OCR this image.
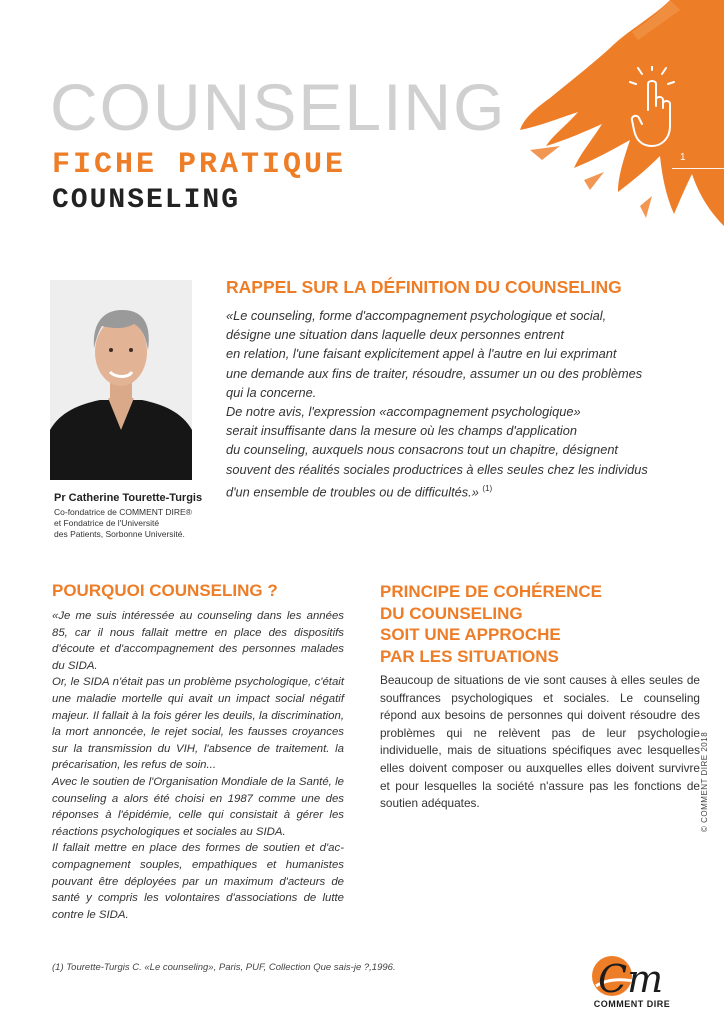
1
COUNSELING
FICHE PRATIQUE
COUNSELING
Pr Catherine Tourette-Turgis
Co-fondatrice de COMMENT DIRE®
et Fondatrice de l'Université
des Patients, Sorbonne Université.
RAPPEL SUR LA DÉFINITION DU COUNSELING

«Le counseling, forme d'accompagnement psychologique et social,

désigne une situation dans laquelle deux personnes entrent

en relation, l'une faisant explicitement appel à l'autre en lui exprimant

une demande aux fins de traiter, résoudre, assumer un ou des problèmes

qui la concerne.

De notre avis, l'expression «accompagnement psychologique»

serait insuffisante dans la mesure où les champs d'application

du counseling, auxquels nous consacrons tout un chapitre, désignent

souvent des réalités sociales productrices à elles seules chez les individus

d'un ensemble de troubles ou de difficultés.» $^{(1)}$

POURQUOI COUNSELING ?

«Je me suis intéressée au counseling dans les années 85, car il nous fallait mettre en place des dispositifs d'écoute et d'accompagnement des personnes malades du SIDA.

Or, le SIDA n'était pas un problème psychologique, c'était une maladie mortelle qui avait un impact social négatif majeur. Il fallait à la fois gérer les deuils, la discrimination, la mort annoncée, le rejet social, les fausses croyances sur la transmission du VIH, l'absence de traitement. la précarisation, les refus de soin...

Avec le soutien de l'Organisation Mondiale de la Santé, le counseling a alors été choisi en 1987 comme une des réponses à l'épidémie, celle qui consistait à gérer les réactions psychologiques et sociales au SIDA.

Il fallait mettre en place des formes de soutien et d'ac-compagnement souples, empathiques et humanistes pouvant être déployées par un maximum d'acteurs de santé y compris les volontaires d'associations de lutte contre le SIDA.

PRINCIPE DE COHÉRENCE
DU COUNSELING
SOIT UNE APPROCHE
PAR LES SITUATIONS
Beaucoup de situations de vie sont causes à elles seules de souffrances psychologiques et sociales. Le counseling répond aux besoins de personnes qui doivent résoudre des problèmes qui ne relèvent pas de leur psychologie individuelle, mais de situations spécifiques avec lesquelles elles doivent composer ou auxquelles elles doivent survivre et pour lesquelles la société n'assure pas les fonctions de soutien adéquates.	© COMMENT DIRE 2018
(1) Tourette-Turgis C. «Le counseling», Paris, PUF, Collection Que sais-je ?,1996.	Cm
COMMENT DIRE
